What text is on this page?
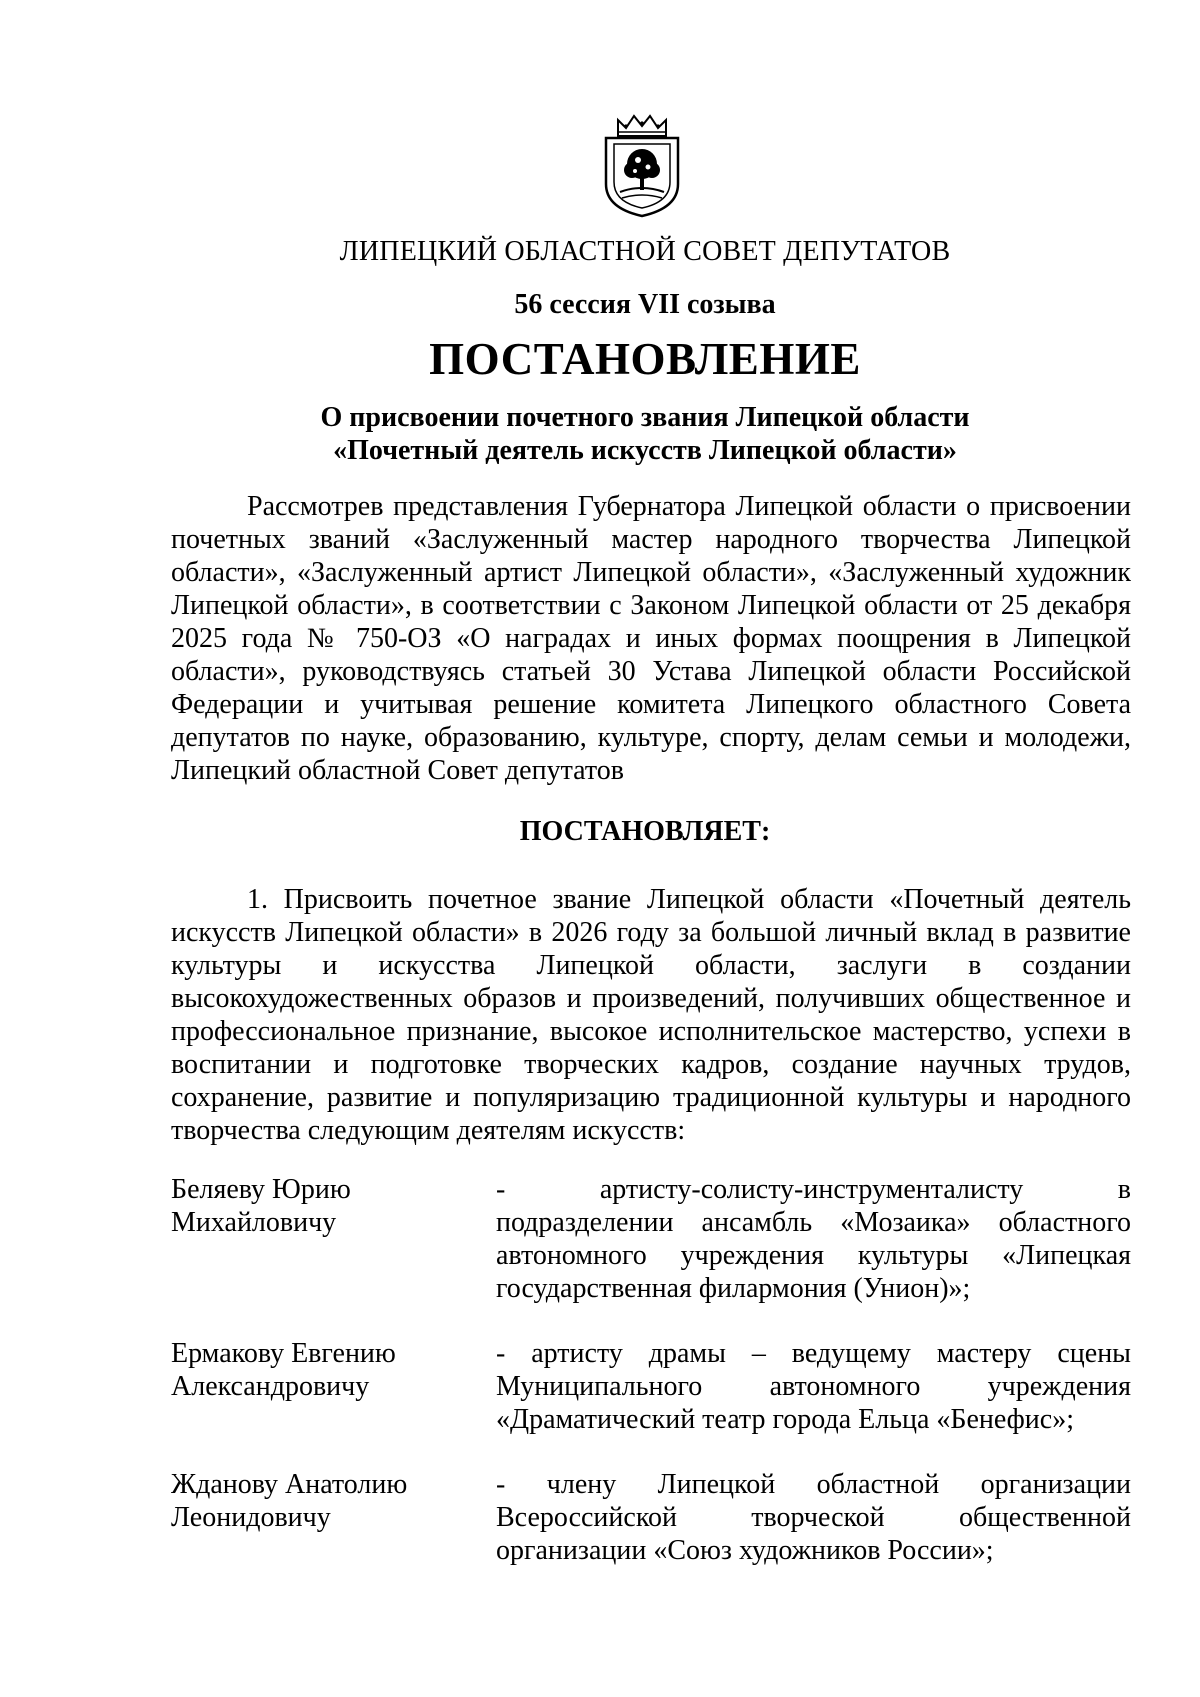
ЛИПЕЦКИЙ ОБЛАСТНОЙ СОВЕТ ДЕПУТАТОВ
56 сессия VII созыва
ПОСТАНОВЛЕНИЕ
О присвоении почетного звания Липецкой области
«Почетный деятель искусств Липецкой области»

Рассмотрев представления Губернатора Липецкой области о присвоении почетных званий «Заслуженный мастер народного творчества Липецкой области», «Заслуженный артист Липецкой области», «Заслуженный художник Липецкой области», в соответствии с Законом Липецкой области от 25 декабря 2025 года № 750-ОЗ «О наградах и иных формах поощрения в Липецкой области», руководствуясь статьей 30 Устава Липецкой области Российской Федерации и учитывая решение комитета Липецкого областного Совета депутатов по науке, образованию, культуре, спорту, делам семьи и молодежи, Липецкий областной Совет депутатов

ПОСТАНОВЛЯЕТ:

1. Присвоить почетное звание Липецкой области «Почетный деятель искусств Липецкой области» в 2026 году за большой личный вклад в развитие культуры и искусства Липецкой области, заслуги в создании высокохудожественных образов и произведений, получивших общественное и профессиональное признание, высокое исполнительское мастерство, успехи в воспитании и подготовке творческих кадров, создание научных трудов, сохранение, развитие и популяризацию традиционной культуры и народного творчества следующим деятелям искусств:

Беляеву Юрию
Михайловичу
- артисту-солисту-инструменталисту в подразделении ансамбль «Мозаика» областного автономного учреждения культуры «Липецкая государственная филармония (Унион)»;
Ермакову Евгению
Александровичу
- артисту драмы – ведущему мастеру сцены Муниципального автономного учреждения «Драматический театр города Ельца «Бенефис»;
Жданову Анатолию
Леонидовичу
- члену Липецкой областной организации Всероссийской творческой общественной организации «Союз художников России»;
